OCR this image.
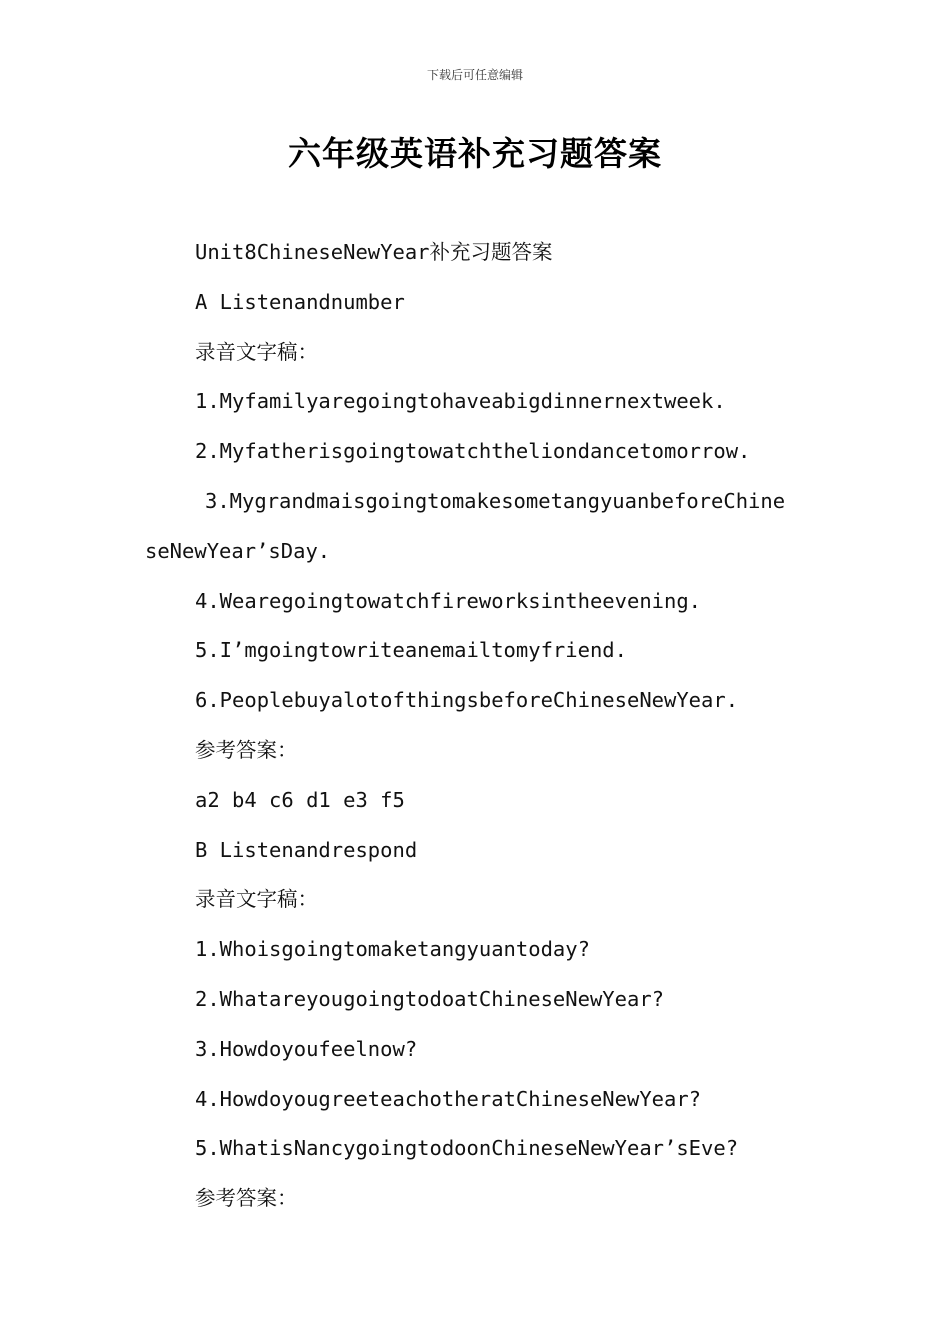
下载后可任意编辑
六年级英语补充习题答案
Unit8ChineseNewYear补充习题答案
A Listenandnumber
录音文字稿：
1.Myfamilyaregoingtohaveabigdinnernextweek.
2.Myfatherisgoingtowatchtheliondancetomorrow.
3.MygrandmaisgoingtomakesometangyuanbeforeChine
seNewYear’sDay.
4.Wearegoingtowatchfireworksintheevening.
5.I’mgoingtowriteanemailtomyfriend.
6.PeoplebuyalotofthingsbeforeChineseNewYear.
参考答案：
a2 b4 c6 d1 e3 f5
B Listenandrespond
录音文字稿：
1.Whoisgoingtomaketangyuantoday?
2.WhatareyougoingtodoatChineseNewYear?
3.Howdoyoufeelnow?
4.HowdoyougreeteachotheratChineseNewYear?
5.WhatisNancygoingtodoonChineseNewYear’sEve?
参考答案：
